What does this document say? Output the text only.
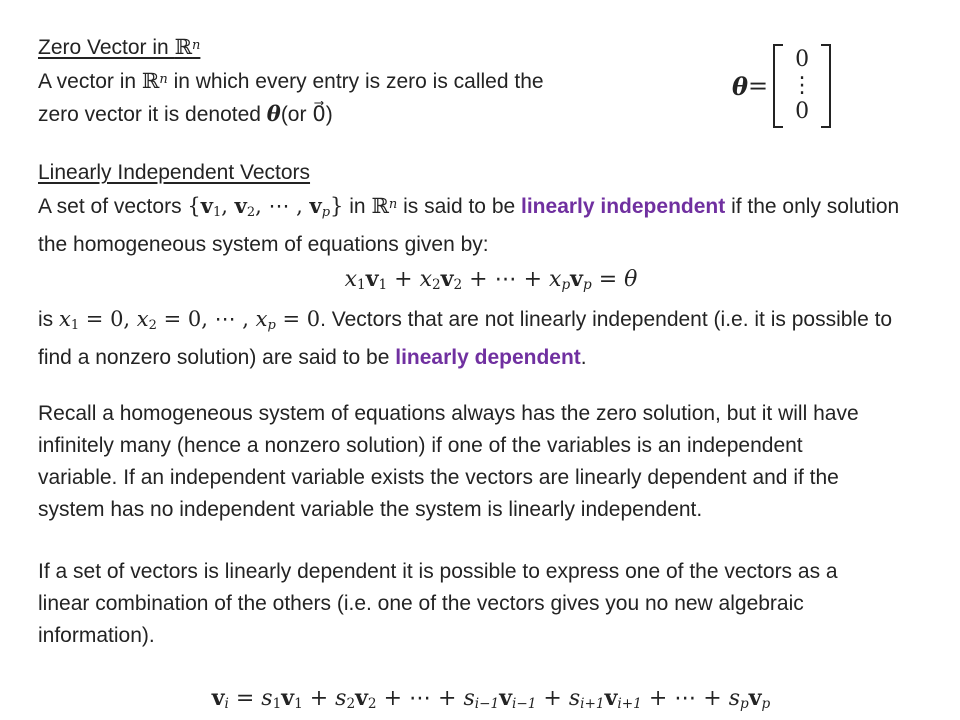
Zero Vector in ℝ$^n$
A vector in ℝ$^n$ in which every entry is zero is called the
zero vector it is denoted θ(or 0⃗)
Linearly Independent Vectors
A set of vectors {v1, v2, ⋯ , vp} in ℝ$^n$ is said to be linearly independent if the only solution
the homogeneous system of equations given by:
x1v1 + x2v2 + ⋯ + xpvp = θ
is x1 = 0, x2 = 0, ⋯ , xp = 0. Vectors that are not linearly independent (i.e. it is possible to
find a nonzero solution) are said to be linearly dependent.
Recall a homogeneous system of equations always has the zero solution, but it will have
infinitely many (hence a nonzero solution) if one of the variables is an independent
variable. If an independent variable exists the vectors are linearly dependent and if the
system has no independent variable the system is linearly independent.
If a set of vectors is linearly dependent it is possible to express one of the vectors as a
linear combination of the others (i.e. one of the vectors gives you no new algebraic
information).
vi = s1v1 + s2v2 + ⋯ + si−1vi−1 + si+1vi+1 + ⋯ + spvp
θ =
0
⋮
0
